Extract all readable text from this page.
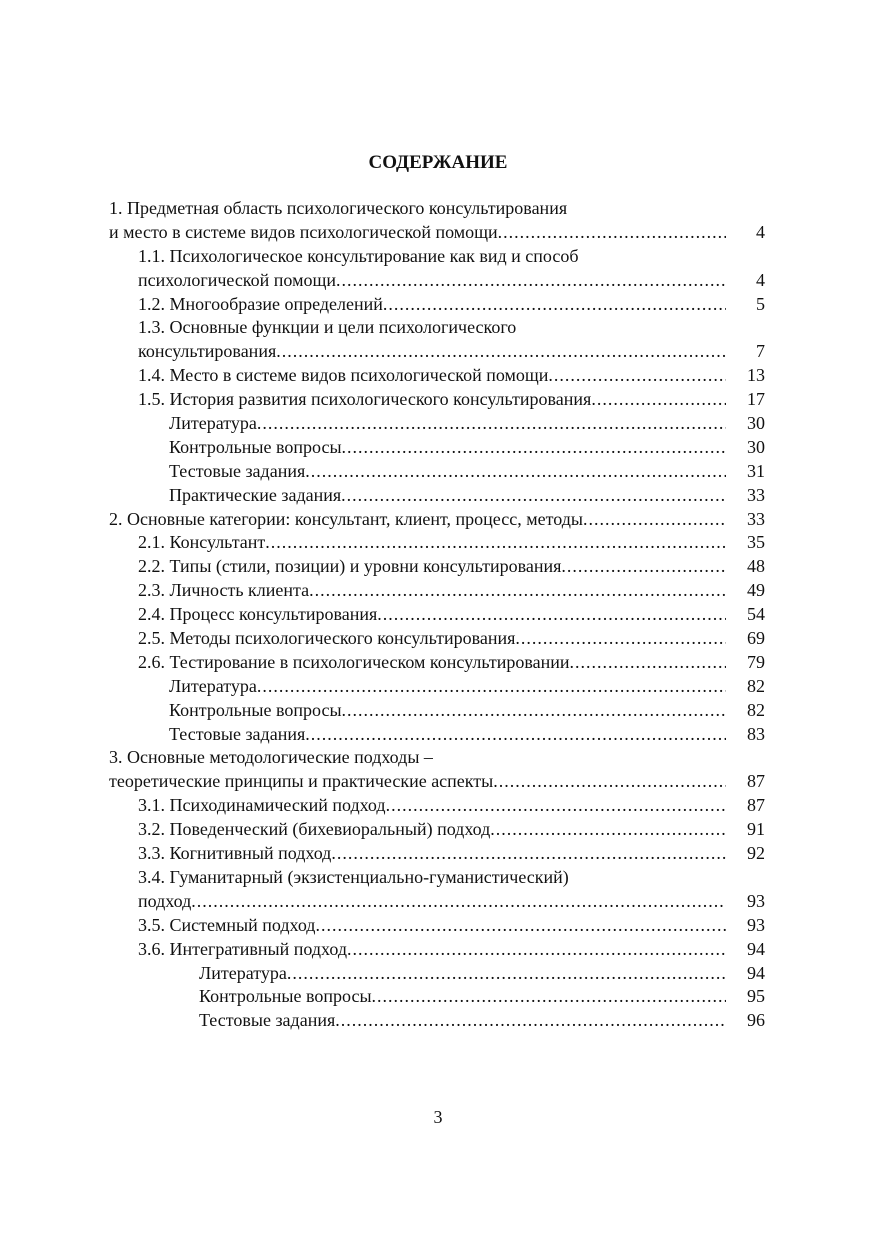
СОДЕРЖАНИЕ
1. Предметная область психологического консультирования
и место в системе видов психологической помощи .....	4
1.1. Психологическое консультирование как вид и способ
психологической помощи .....	4
1.2. Многообразие определений .....	5
1.3. Основные функции и цели психологического
консультирования .....	7
1.4. Место в системе видов психологической помощи .....	13
1.5. История развития психологического консультирования .....	17
Литература .....	30
Контрольные вопросы .....	30
Тестовые задания .....	31
Практические задания .....	33
2. Основные категории: консультант, клиент, процесс, методы .....	33
2.1. Консультант .....	35
2.2. Типы (стили, позиции) и уровни консультирования .....	48
2.3. Личность клиента .....	49
2.4. Процесс консультирования .....	54
2.5. Методы психологического консультирования .....	69
2.6. Тестирование в психологическом консультировании .....	79
Литература .....	82
Контрольные вопросы .....	82
Тестовые задания .....	83
3. Основные методологические подходы –
теоретические принципы и практические аспекты .....	87
3.1. Психодинамический подход .....	87
3.2. Поведенческий (бихевиоральный) подход .....	91
3.3. Когнитивный подход .....	92
3.4. Гуманитарный (экзистенциально-гуманистический)
подход .....	93
3.5. Системный подход .....	93
3.6. Интегративный подход .....	94
Литература .....	94
Контрольные вопросы .....	95
Тестовые задания .....	96
3
